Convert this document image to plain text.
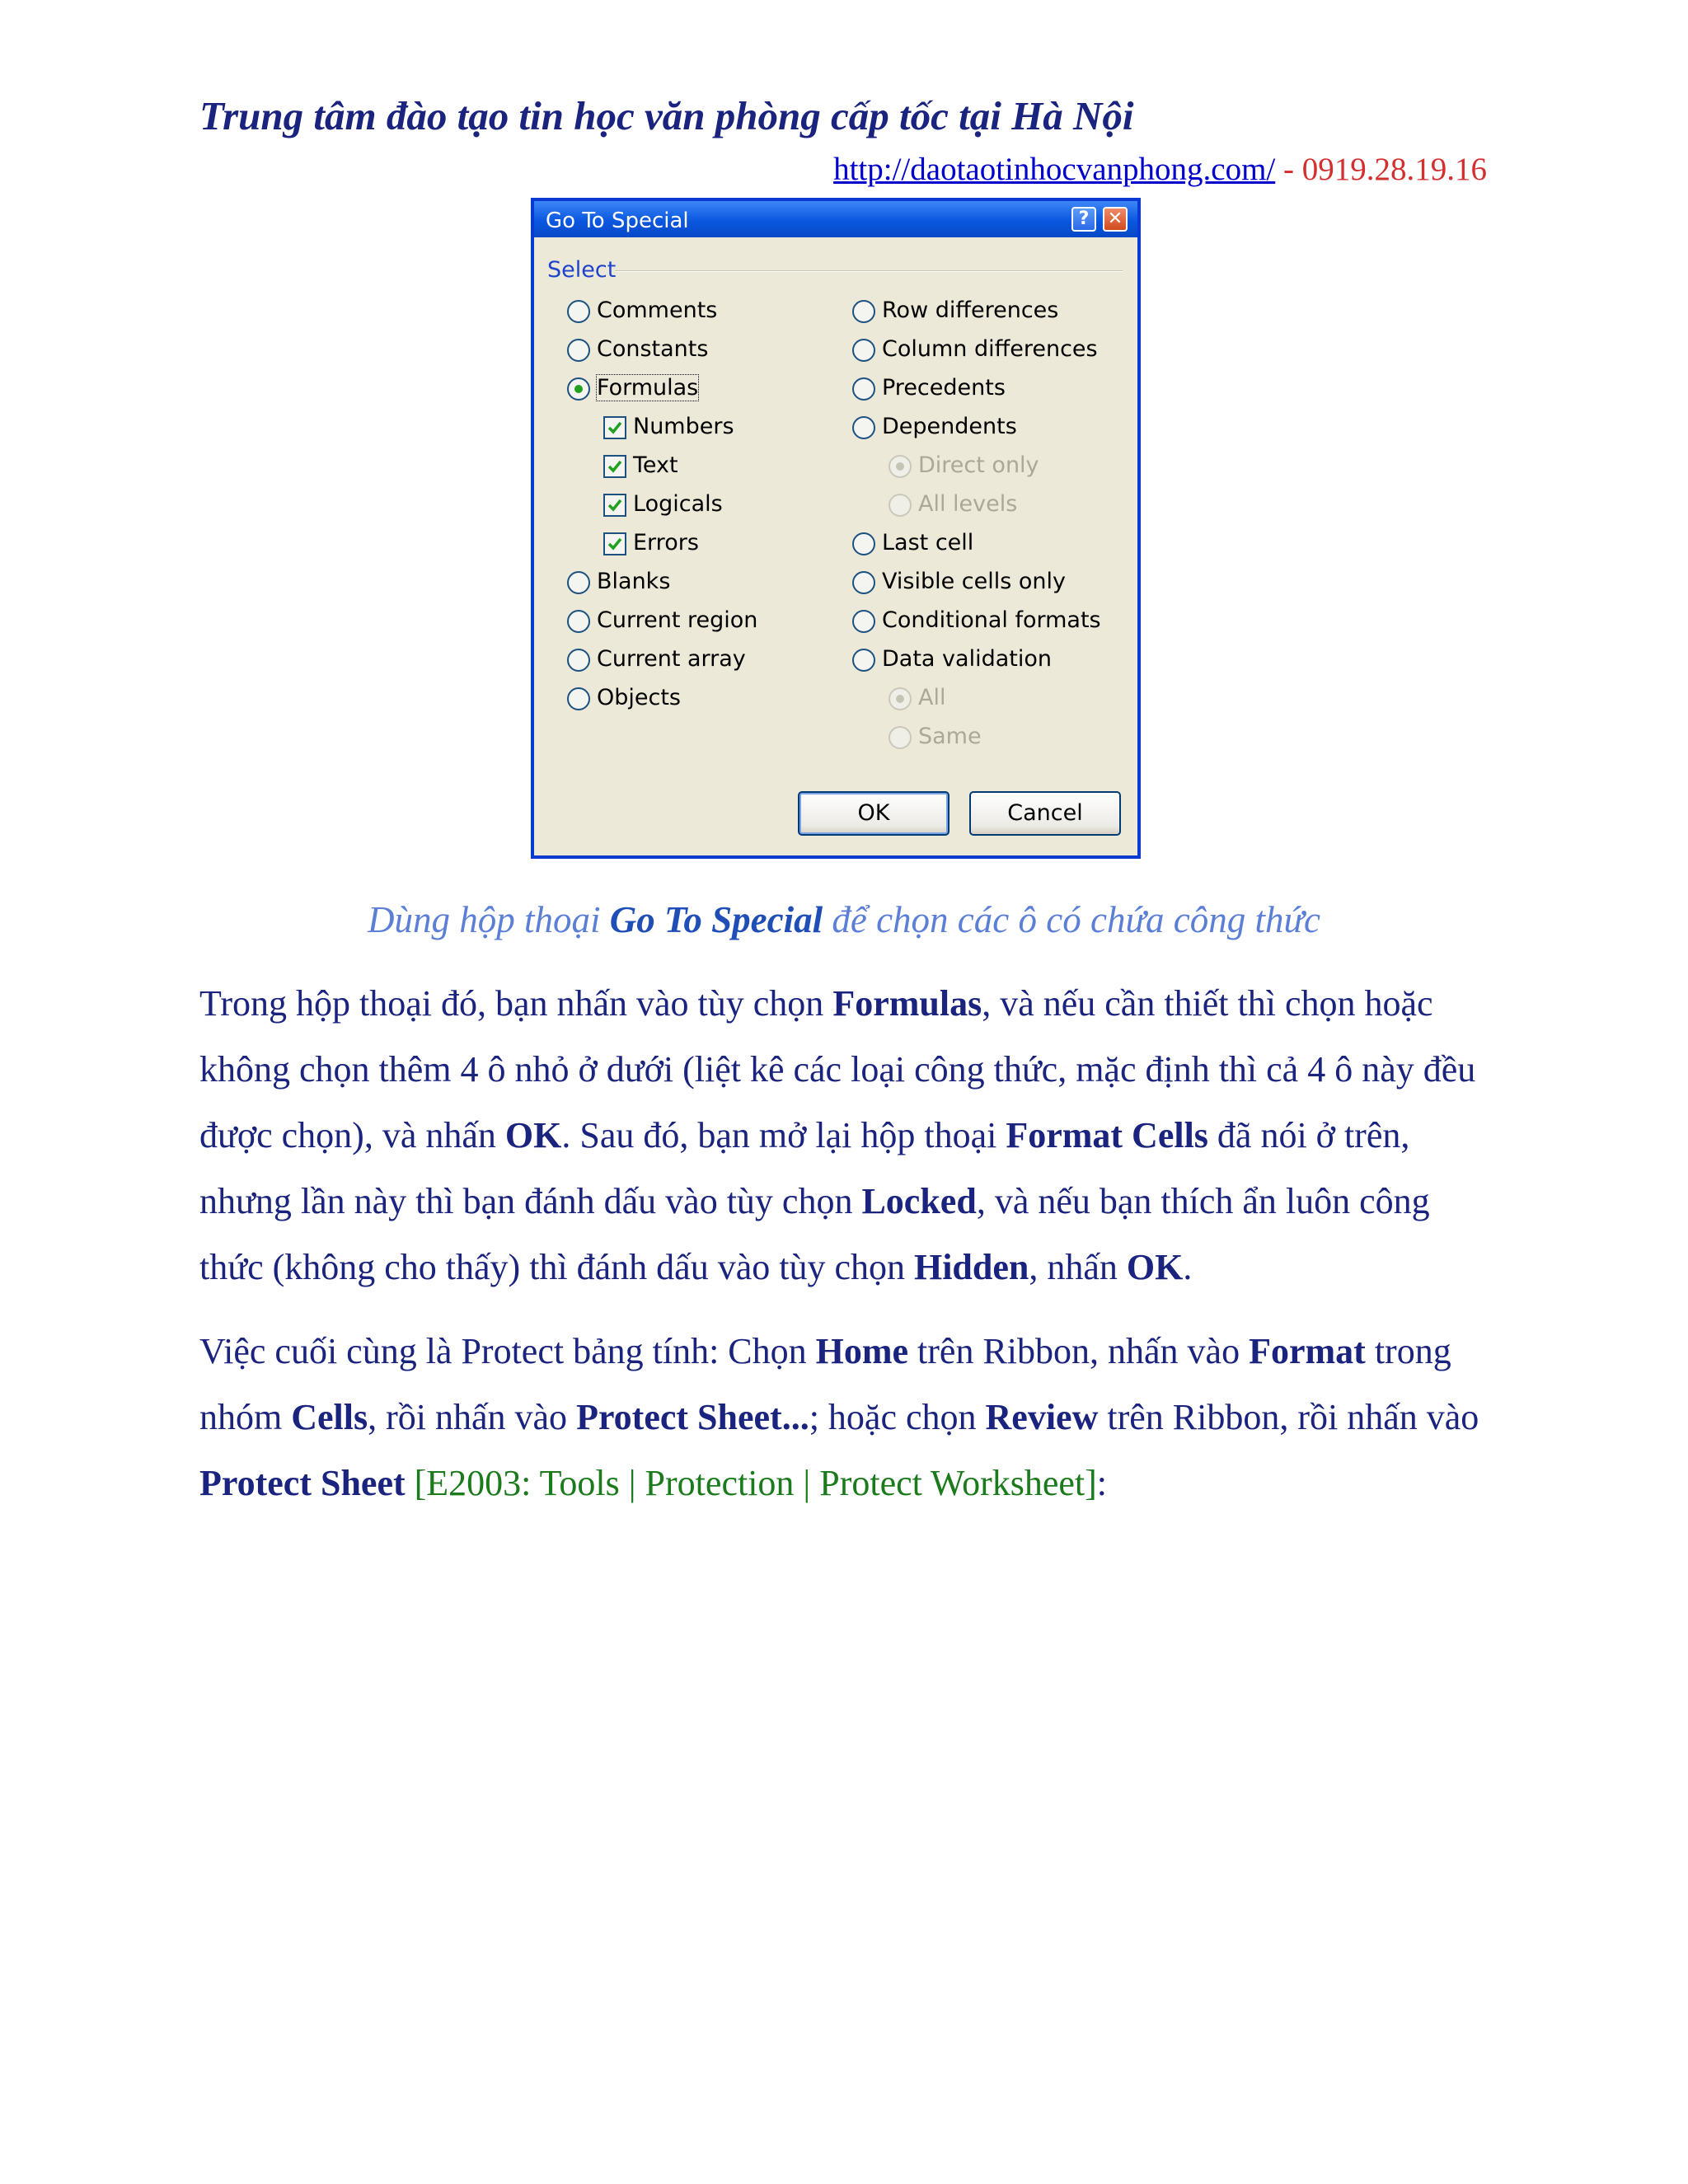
Trung tâm đào tạo tin học văn phòng cấp tốc tại Hà Nội
http://daotaotinhocvanphong.com/ - 0919.28.19.16
Go To Special	?	✕
Select
Comments
Constants
Formulas
Numbers
Text
Logicals
Errors
Blanks
Current region
Current array
Objects
Row differences
Column differences
Precedents
Dependents
Direct only
All levels
Last cell
Visible cells only
Conditional formats
Data validation
All
Same
OK	Cancel
Dùng hộp thoại Go To Special để chọn các ô có chứa công thức
Trong hộp thoại đó, bạn nhấn vào tùy chọn Formulas, và nếu cần thiết thì chọn hoặc không chọn thêm 4 ô nhỏ ở dưới (liệt kê các loại công thức, mặc định thì cả 4 ô này đều được chọn), và nhấn OK. Sau đó, bạn mở lại hộp thoại Format Cells đã nói ở trên, nhưng lần này thì bạn đánh dấu vào tùy chọn Locked, và nếu bạn thích ẩn luôn công thức (không cho thấy) thì đánh dấu vào tùy chọn Hidden, nhấn OK.
Việc cuối cùng là Protect bảng tính: Chọn Home trên Ribbon, nhấn vào Format trong nhóm Cells, rồi nhấn vào Protect Sheet...; hoặc chọn Review trên Ribbon, rồi nhấn vào Protect Sheet [E2003: Tools | Protection | Protect Worksheet]:
